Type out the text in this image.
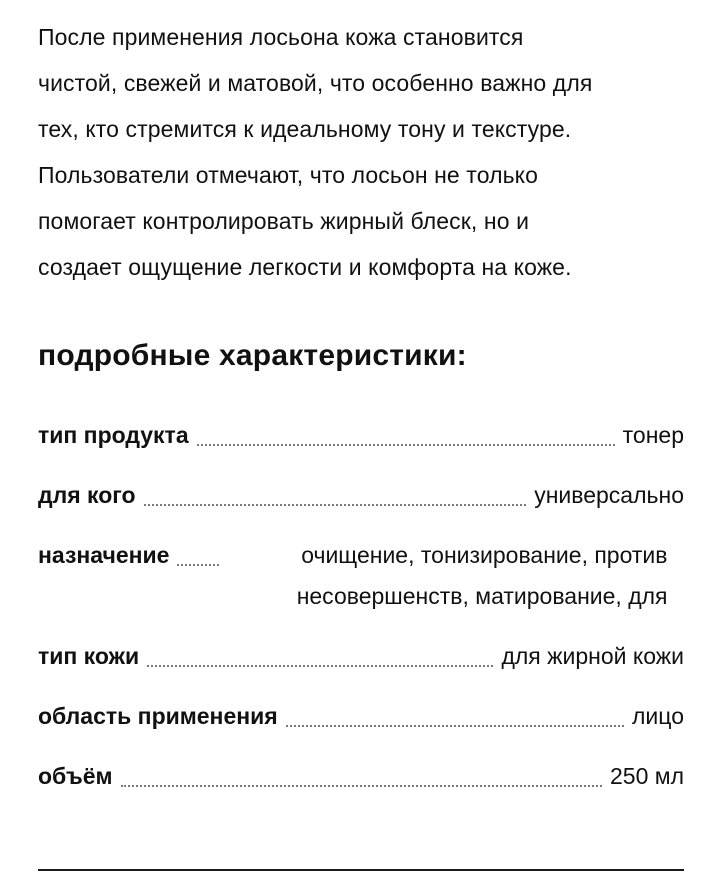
После применения лосьона кожа становится
чистой, свежей и матовой, что особенно важно для
тех, кто стремится к идеальному тону и текстуре.
Пользователи отмечают, что лосьон не только
помогает контролировать жирный блеск, но и
создает ощущение легкости и комфорта на коже.

подробные характеристики:
тип продукта	тонер
для кого	универсально
назначение	очищение, тонизирование, против несовершенств, матирование, для
тип кожи	для жирной кожи
область применения	лицо
объём	250 мл
